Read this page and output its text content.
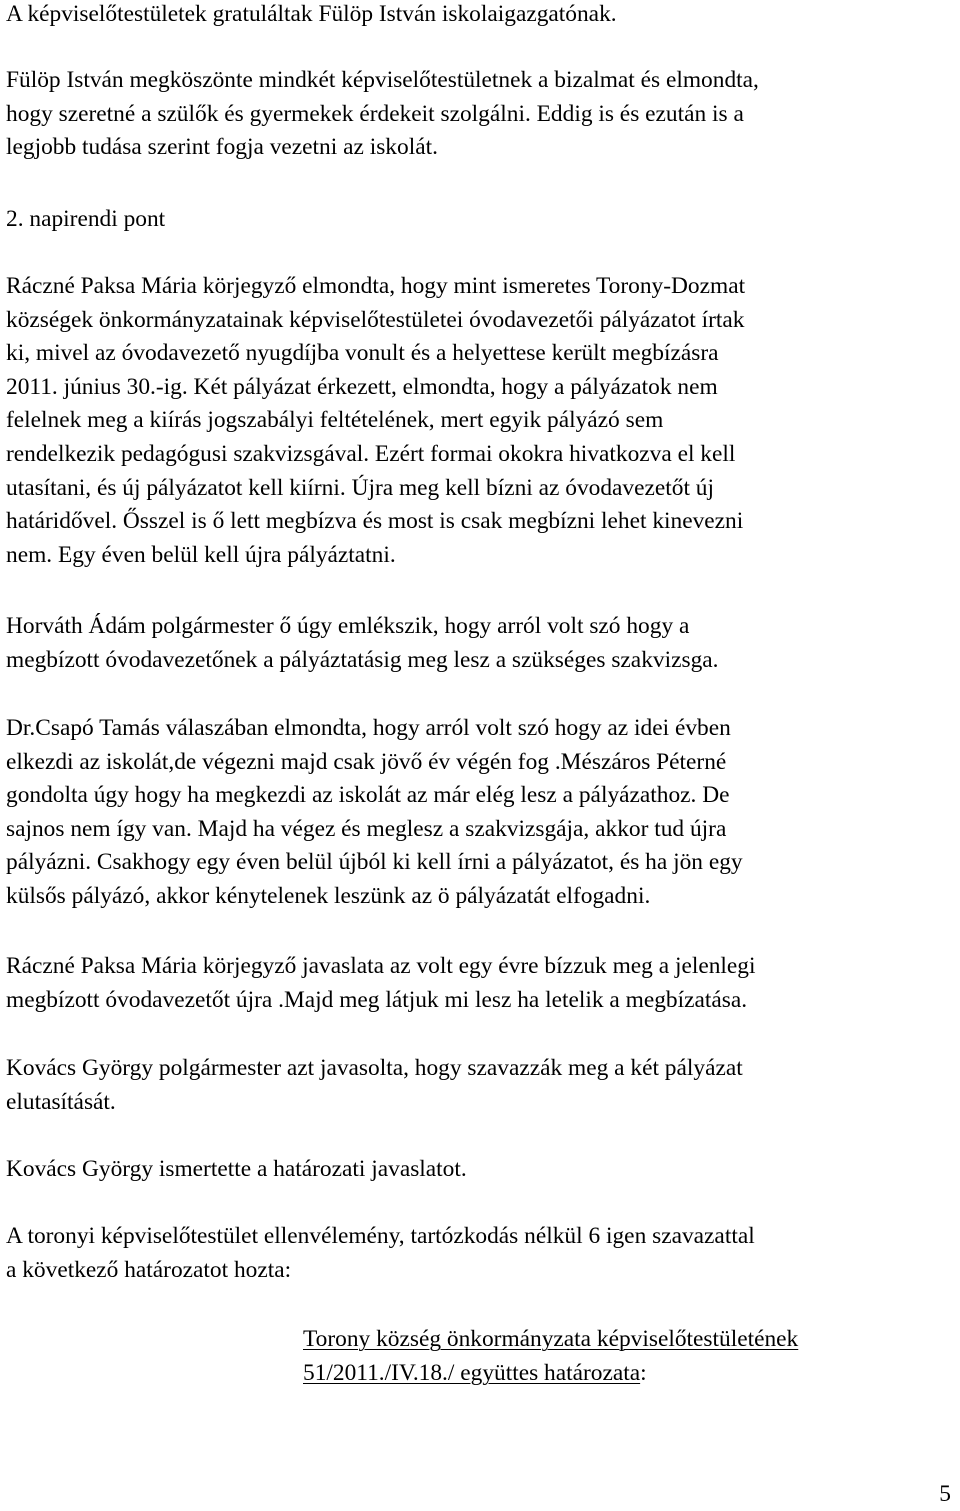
A képviselőtestületek gratuláltak Fülöp István iskolaigazgatónak.

Fülöp István megköszönte mindkét képviselőtestületnek a bizalmat és elmondta,
hogy szeretné a szülők és gyermekek érdekeit szolgálni. Eddig is és ezután is a
legjobb tudása szerint fogja vezetni az iskolát.

2. napirendi pont

Ráczné Paksa Mária körjegyző elmondta, hogy mint ismeretes Torony-Dozmat
községek önkormányzatainak képviselőtestületei óvodavezetői pályázatot írtak
ki, mivel az óvodavezető nyugdíjba vonult és a helyettese került megbízásra
2011. június 30.-ig. Két pályázat érkezett, elmondta, hogy a pályázatok nem
felelnek meg a kiírás jogszabályi feltételének, mert egyik pályázó sem
rendelkezik pedagógusi szakvizsgával. Ezért formai okokra hivatkozva el kell
utasítani, és új pályázatot kell kiírni. Újra meg kell bízni az óvodavezetőt új
határidővel. Ősszel is ő lett megbízva és most is csak megbízni lehet kinevezni
nem. Egy éven belül kell újra pályáztatni.

Horváth Ádám polgármester ő úgy emlékszik, hogy arról volt szó hogy a
megbízott óvodavezetőnek a pályáztatásig meg lesz a szükséges szakvizsga.

Dr.Csapó Tamás válaszában elmondta, hogy arról volt szó hogy az idei évben
elkezdi az iskolát,de végezni majd csak jövő év végén fog .Mészáros Péterné
gondolta úgy hogy ha megkezdi az iskolát az már elég lesz a pályázathoz. De
sajnos nem így van. Majd ha végez és meglesz a szakvizsgája, akkor tud újra
pályázni. Csakhogy egy éven belül újból ki kell írni a pályázatot, és ha jön egy
külsős pályázó, akkor kénytelenek leszünk az ö pályázatát elfogadni.

Ráczné Paksa Mária körjegyző javaslata az volt egy évre bízzuk meg a jelenlegi
megbízott óvodavezetőt újra .Majd meg látjuk mi lesz ha letelik a megbízatása.

Kovács György polgármester azt javasolta, hogy szavazzák meg a két pályázat
elutasítását.

Kovács György ismertette a határozati javaslatot.

A toronyi képviselőtestület ellenvélemény, tartózkodás nélkül 6 igen szavazattal
a következő határozatot hozta:

Torony község önkormányzata képviselőtestületének
51/2011./IV.18./ együttes határozata:
5
